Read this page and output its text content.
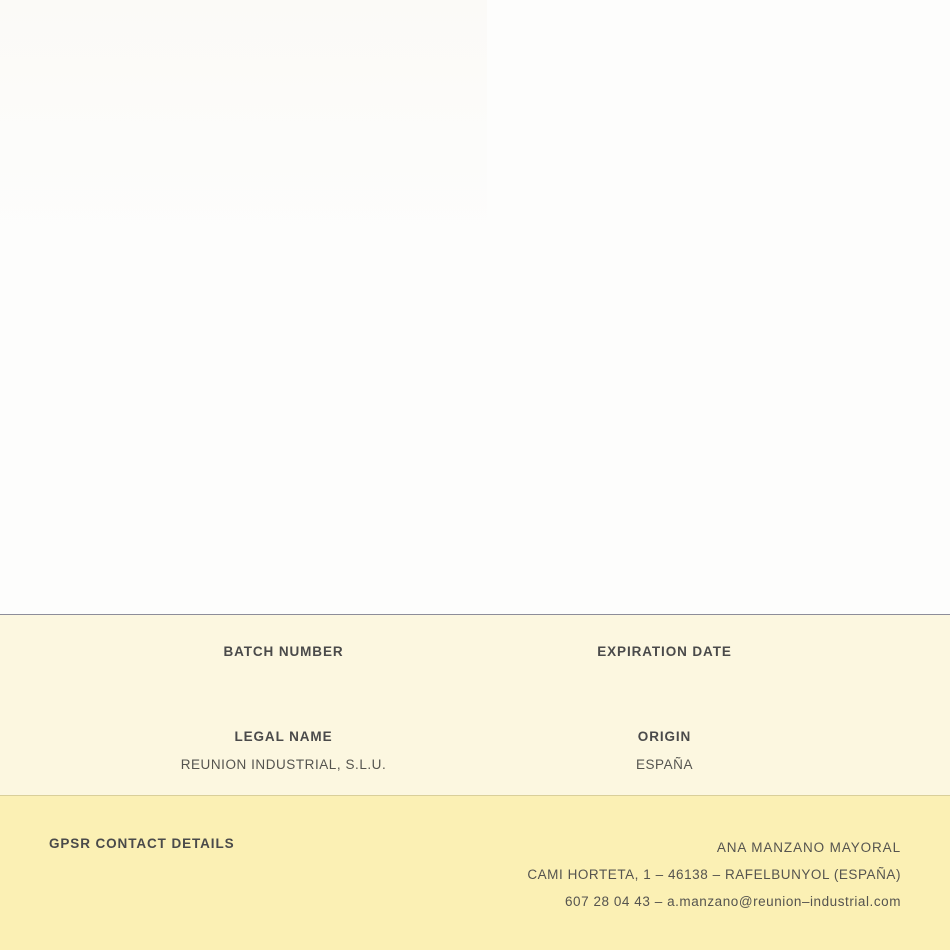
BATCH NUMBER	EXPIRATION DATE
LEGAL NAME
REUNION INDUSTRIAL, S.L.U.
ORIGIN
ESPAÑA
GPSR CONTACT DETAILS	ANA MANZANO MAYORAL
CAMI HORTETA, 1 – 46138 – RAFELBUNYOL (ESPAÑA)
607 28 04 43 – a.manzano@reunion–industrial.com
